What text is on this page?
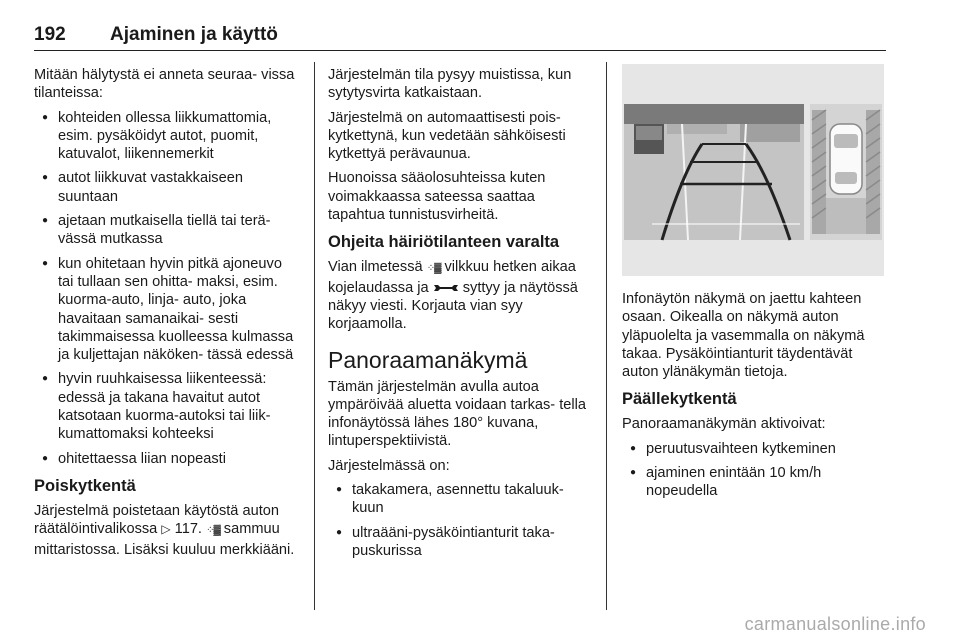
192 Ajaminen ja käyttö

Mitään hälytystä ei anneta seuraa- vissa tilanteissa:

● kohteiden ollessa liikkumattomia, esim. pysäköidyt autot, puomit, katuvalot, liikennemerkit
● autot liikkuvat vastakkaiseen suuntaan
● ajetaan mutkaisella tiellä tai terä- vässä mutkassa
● kun ohitetaan hyvin pitkä ajoneuvo tai tullaan sen ohitta- maksi, esim. kuorma-auto, linja- auto, joka havaitaan samanaikai- sesti takimmaisessa kuolleessa kulmassa ja kuljettajan näköken- tässä edessä
● hyvin ruuhkaisessa liikenteessä: edessä ja takana havaitut autot katsotaan kuorma-autoksi tai liik- kumattomaksi kohteeksi
● ohitettaessa liian nopeasti
Poiskytkentä

Järjestelmä poistetaan käytöstä auton räätälöintivalikossa ▷ 117. ⁘▓ sammuu mittaristossa. Lisäksi kuuluu merkkiääni.

Järjestelmän tila pysyy muistissa, kun sytytysvirta katkaistaan.

Järjestelmä on automaattisesti pois- kytkettynä, kun vedetään sähköisesti kytkettyä perävaunua.

Huonoissa sääolosuhteissa kuten voimakkaassa sateessa saattaa tapahtua tunnistusvirheitä.

Ohjeita häiriötilanteen varalta

Vian ilmetessä ⁘▓ vilkkuu hetken aikaa kojelaudassa ja syttyy ja näytössä näkyy viesti. Korjauta vian syy korjaamolla.

Panoraamanäkymä

Tämän järjestelmän avulla autoa ympäröivää aluetta voidaan tarkas- tella infonäytössä lähes 180° kuvana, lintuperspektiivistä.

Järjestelmässä on:

● takakamera, asennettu takaluuk- kuun
● ultraääni-pysäköintianturit taka- puskurissa

Infonäytön näkymä on jaettu kahteen osaan. Oikealla on näkymä auton yläpuolelta ja vasemmalla on näkymä takaa. Pysäköintianturit täydentävät auton ylänäkymän tietoja.

Päällekytkentä

Panoraamanäkymän aktivoivat:

● peruutusvaihteen kytkeminen
● ajaminen enintään 10 km/h nopeudella
carmanualsonline.info
